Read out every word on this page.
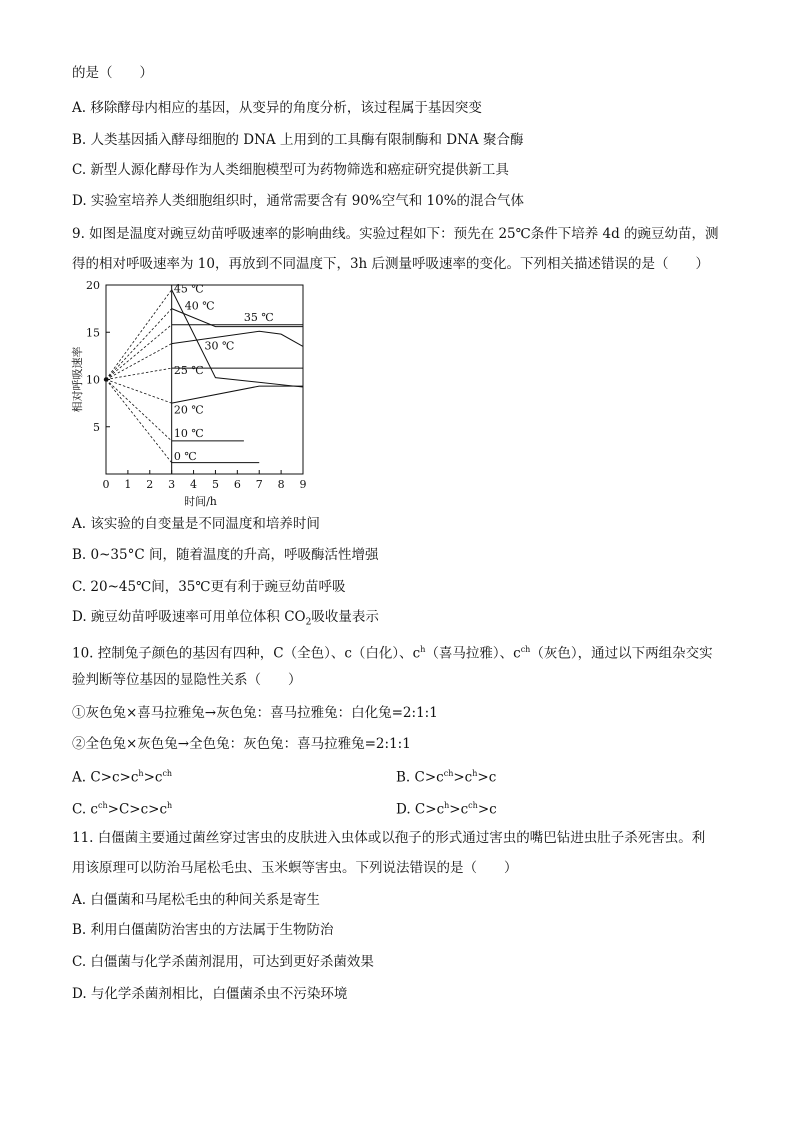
的是（　　）
A. 移除酵母内相应的基因，从变异的角度分析，该过程属于基因突变
B. 人类基因插入酵母细胞的 DNA 上用到的工具酶有限制酶和 DNA 聚合酶
C. 新型人源化酵母作为人类细胞模型可为药物筛选和癌症研究提供新工具
D. 实验室培养人类细胞组织时，通常需要含有 90%空气和 10%的混合气体
9. 如图是温度对豌豆幼苗呼吸速率的影响曲线。实验过程如下：预先在 25℃条件下培养 4d 的豌豆幼苗，测
得的相对呼吸速率为 10，再放到不同温度下，3h 后测量呼吸速率的变化。下列相关描述错误的是（　　）
0 1 2 3 4 5 6 7 8 9
5
10
15
20
时间/h
相对呼吸速率
45 ℃
40 ℃
35 ℃
30 ℃
25 ℃
20 ℃
10 ℃
0 ℃
A. 该实验的自变量是不同温度和培养时间
B. 0~35°C 间，随着温度的升高，呼吸酶活性增强
C. 20~45℃间，35℃更有利于豌豆幼苗呼吸
D. 豌豆幼苗呼吸速率可用单位体积 $CO_2$吸收量表示
10. 控制兔子颜色的基因有四种，C（全色）、c（白化）、$c^h$（喜马拉雅）、$c^{ch}$（灰色），通过以下两组杂交实
验判断等位基因的显隐性关系（　　）
①灰色兔×喜马拉雅兔→灰色兔：喜马拉雅兔：白化兔=2:1:1
②全色兔×灰色兔→全色兔：灰色兔：喜马拉雅兔=2:1:1
A. $C>c>c^h>c^{ch}$	B. $C>c^{ch}>c^h>c$
C. $c^{ch}>C>c>c^h$	D. $C>c^h>c^{ch}>c$
11. 白僵菌主要通过菌丝穿过害虫的皮肤进入虫体或以孢子的形式通过害虫的嘴巴钻进虫肚子杀死害虫。利
用该原理可以防治马尾松毛虫、玉米螟等害虫。下列说法错误的是（　　）
A. 白僵菌和马尾松毛虫的种间关系是寄生
B. 利用白僵菌防治害虫的方法属于生物防治
C. 白僵菌与化学杀菌剂混用，可达到更好杀菌效果
D. 与化学杀菌剂相比，白僵菌杀虫不污染环境
